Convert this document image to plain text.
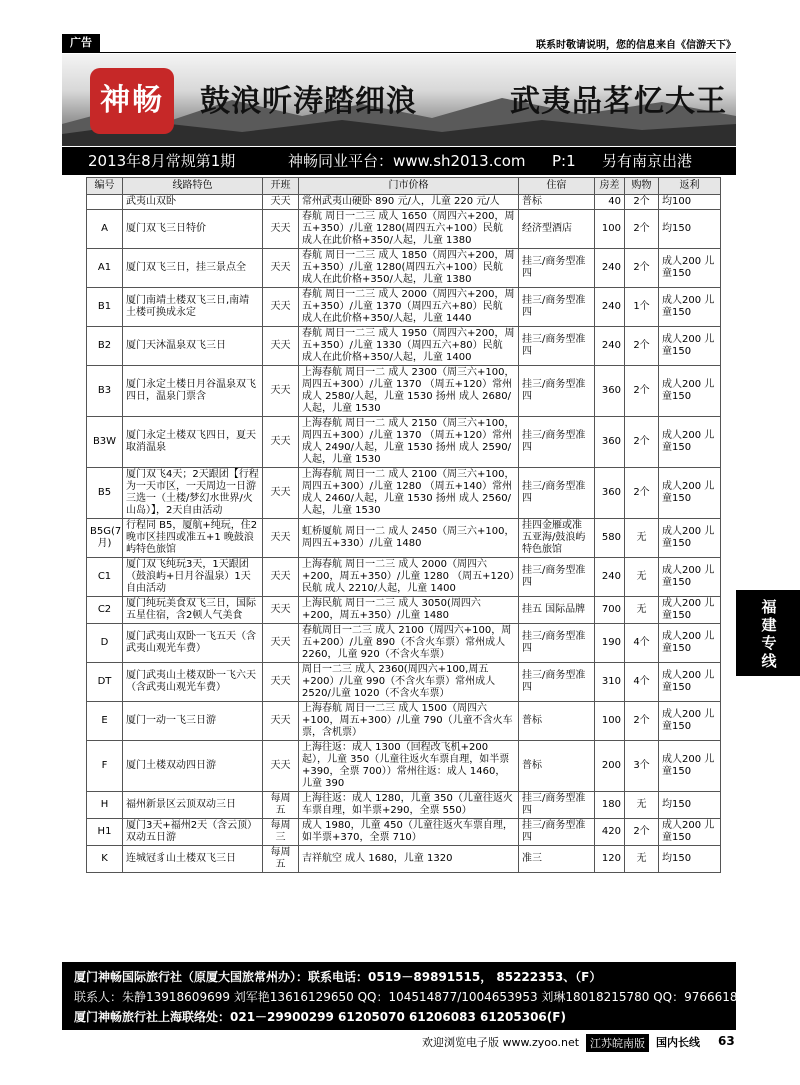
广告	联系时敬请说明，您的信息来自《信游天下》
神畅	鼓浪听涛踏细浪	武夷品茗忆大王
2013年8月常规第1期	神畅同业平台：www.sh2013.com P:1 另有南京出港
编号	线路特色	开班	门市价格	住宿	房差	购物	返利
	武夷山双卧	天天	常州武夷山硬卧 890 元/人，儿童 220 元/人	普标	40	2个	均100
A	厦门双飞三日特价	天天	春航 周日一二三 成人 1650（周四六+200，周五+350）/儿童 1280(周四五六+100）民航 成人在此价格+350/人起，儿童 1380	经济型酒店	100	2个	均150
A1	厦门双飞三日，挂三景点全	天天	春航 周日一二三 成人 1850（周四六+200，周五+350）/儿童 1280(周四五六+100）民航 成人在此价格+350/人起，儿童 1380	挂三/商务型准四	240	2个	成人200 儿童150
B1	厦门南靖土楼双飞三日,南靖土楼可换成永定	天天	春航 周日一二三 成人 2000（周四六+200，周五+350）/儿童 1370（周四五六+80）民航 成人在此价格+350/人起，儿童 1440	挂三/商务型准四	240	1个	成人200 儿童150
B2	厦门天沐温泉双飞三日	天天	春航 周日一二三 成人 1950（周四六+200，周五+350）/儿童 1330（周四五六+80）民航 成人在此价格+350/人起，儿童 1400	挂三/商务型准四	240	2个	成人200 儿童150
B3	厦门永定土楼日月谷温泉双飞四日，温泉门票含	天天	上海春航 周日一二 成人 2300（周三六+100，周四五+300）/儿童 1370 （周五+120）常州 成人 2580/人起，儿童 1530 扬州 成人 2680/人起，儿童 1530	挂三/商务型准四	360	2个	成人200 儿童150
B3W	厦门永定土楼双飞四日，夏天取消温泉	天天	上海春航 周日一二 成人 2150（周三六+100，周四五+300）/儿童 1370 （周五+120）常州 成人 2490/人起，儿童 1530 扬州 成人 2590/人起，儿童 1530	挂三/商务型准四	360	2个	成人200 儿童150
B5	厦门双飞4天；2天跟团【行程为一天市区，一天周边一日游三选一（土楼/梦幻水世界/火山岛）】，2天自由活动	天天	上海春航 周日一二 成人 2100（周三六+100，周四五+300）/儿童 1280 （周五+140）常州 成人 2460/人起，儿童 1530 扬州 成人 2560/人起，儿童 1530	挂三/商务型准四	360	2个	成人200 儿童150
B5G(7月)	行程同 B5，厦航+纯玩，住2晚市区挂四或准五+1 晚鼓浪屿特色旅馆	天天	虹桥厦航 周日一二 成人 2450（周三六+100，周四五+330）/儿童 1480	挂四金雁或准五亚海/鼓浪屿特色旅馆	580	无	成人200 儿童150
C1	厦门双飞纯玩3天，1天跟团（鼓浪屿+日月谷温泉）1天自由活动	天天	上海春航 周日一二三 成人 2000（周四六+200，周五+350）/儿童 1280 （周五+120）民航 成人 2210/人起，儿童 1400	挂三/商务型准四	240	无	成人200 儿童150
C2	厦门纯玩美食双飞三日，国际五星住宿，含2顿人气美食	天天	上海民航 周日一二三 成人 3050(周四六+200，周五+350）/儿童 1480	挂五 国际品牌	700	无	成人200 儿童150
D	厦门武夷山双卧一飞五天（含武夷山观光车费）	天天	春航周日一二三 成人 2100（周四六+100，周五+200）/儿童 890（不含火车票）常州成人 2260，儿童 920（不含火车票）	挂三/商务型准四	190	4个	成人200 儿童150
DT	厦门武夷山土楼双卧一飞六天（含武夷山观光车费）	天天	周日一二三 成人 2360(周四六+100,周五+200）/儿童 990（不含火车票）常州成人 2520/儿童 1020（不含火车票）	挂三/商务型准四	310	4个	成人200 儿童150
E	厦门一动一飞三日游	天天	上海春航 周日一二三 成人 1500（周四六+100，周五+300）/儿童 790（儿童不含火车票，含机票）	普标	100	2个	成人200 儿童150
F	厦门土楼双动四日游	天天	上海往返：成人 1300（回程改飞机+200 起），儿童 350（儿童往返火车票自理，如半票+390，全票 700））常州往返：成人 1460，儿童 390	普标	200	3个	成人200 儿童150
H	福州新景区云顶双动三日	每周五	上海往返：成人 1280，儿童 350（儿童往返火车票自理，如半票+290，全票 550）	挂三/商务型准四	180	无	均150
H1	厦门3天+福州2天（含云顶）双动五日游	每周三	成人 1980，儿童 450（儿童往返火车票自理，如半票+370，全票 710）	挂三/商务型准四	420	2个	成人200 儿童150
K	连城冠豸山土楼双飞三日	每周五	吉祥航空 成人 1680，儿童 1320	准三	120	无	均150
福
建
专
线
厦门神畅国际旅行社（原厦大国旅常州办）：联系电话：0519－89891515， 85222353、（F）
联系人：朱静13918609699 刘军艳13616129650 QQ：104514877/1004653953 刘琳18018215780 QQ：976661829
厦门神畅旅行社上海联络处：021－29900299 61205070 61206083 61205306(F)
欢迎浏览电子版 www.zyoo.net 江苏皖南版	国内长线 63
